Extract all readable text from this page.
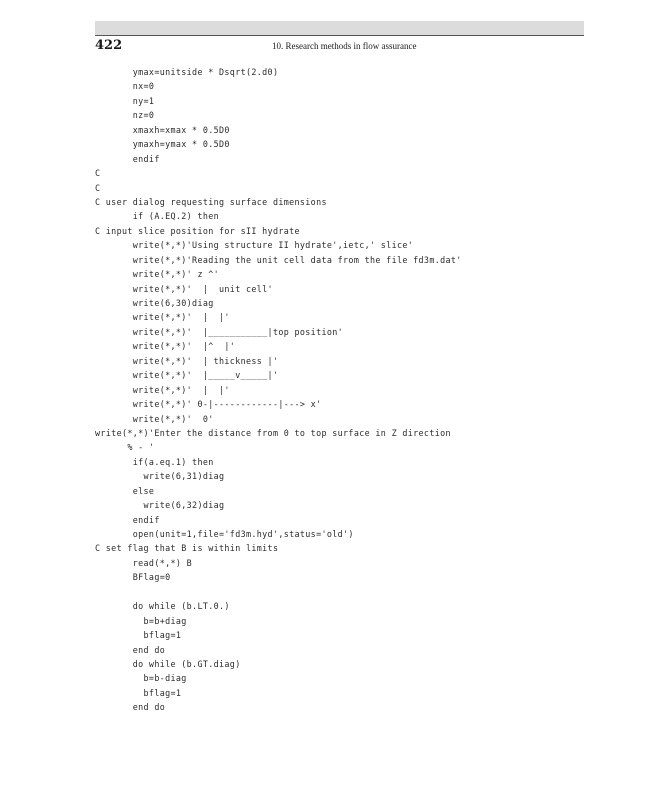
422	10. Research methods in flow assurance
ymax=unitside * Dsqrt(2.d0)
nx=0
ny=1
nz=0
xmaxh=xmax * 0.5D0
ymaxh=ymax * 0.5D0
endif
C
C
C user dialog requesting surface dimensions
if (A.EQ.2) then
C input slice position for sII hydrate
write(*,*)'Using structure II hydrate',ietc,' slice'
write(*,*)'Reading the unit cell data from the file fd3m.dat'
write(*,*)' z ^'
write(*,*)'  |  unit cell'
write(6,30)diag
write(*,*)'  |  |'
write(*,*)'  |___________|top position'
write(*,*)'  |^  |'
write(*,*)'  | thickness |'
write(*,*)'  |_____v_____|'
write(*,*)'  |  |'
write(*,*)' 0-|------------|---> x'
write(*,*)'  0'
write(*,*)'Enter the distance from 0 to top surface in Z direction
% - '
if(a.eq.1) then
write(6,31)diag
else
write(6,32)diag
endif
open(unit=1,file='fd3m.hyd',status='old')
C set flag that B is within limits
read(*,*) B
BFlag=0
do while (b.LT.0.)
b=b+diag
bflag=1
end do
do while (b.GT.diag)
b=b-diag
bflag=1
end do
